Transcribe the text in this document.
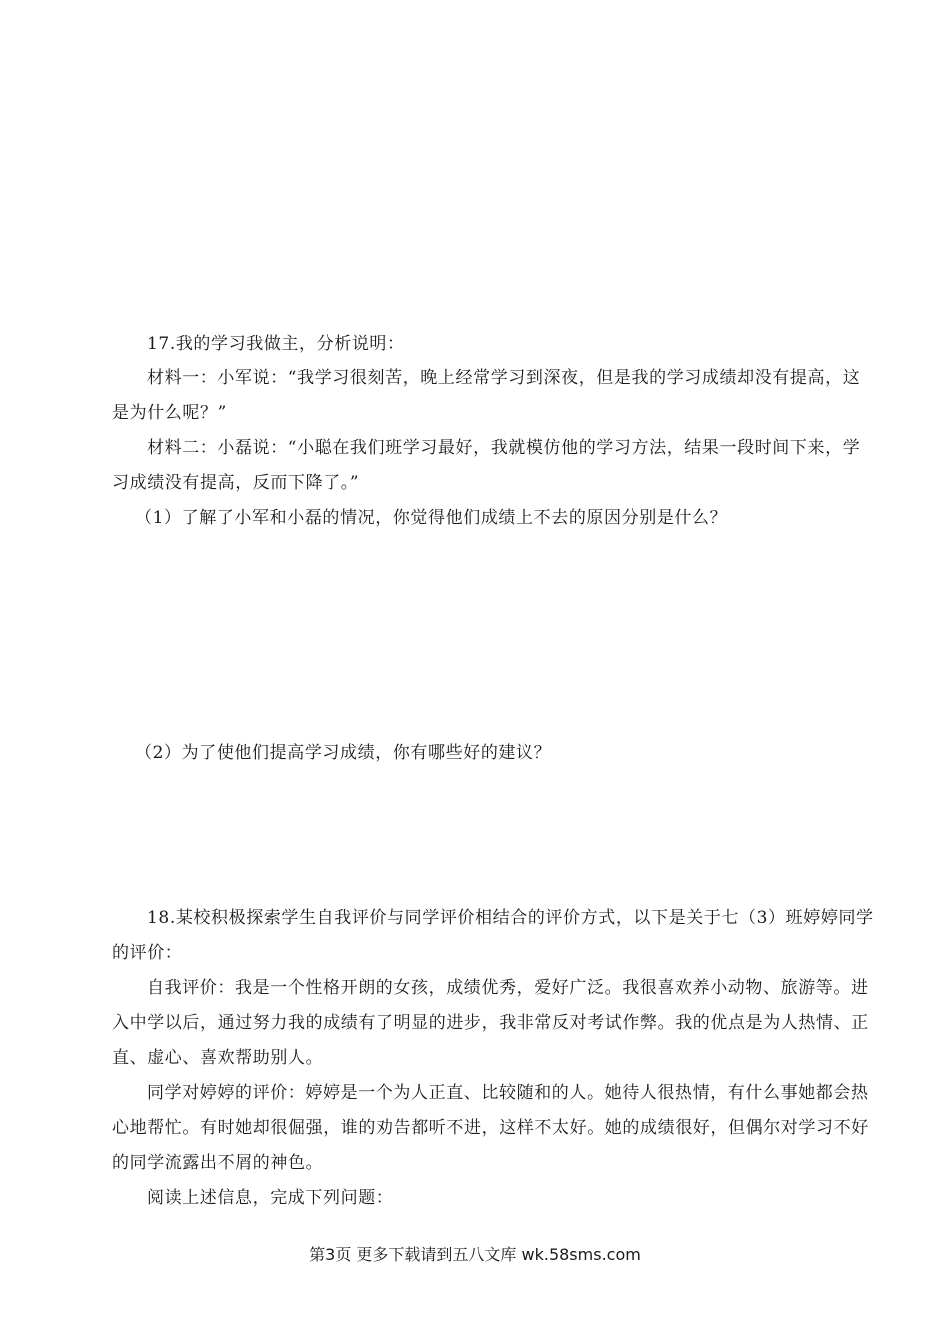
17.我的学习我做主，分析说明：
材料一：小军说：“我学习很刻苦，晚上经常学习到深夜，但是我的学习成绩却没有提高，这
是为什么呢？”
材料二：小磊说：“小聪在我们班学习最好，我就模仿他的学习方法，结果一段时间下来，学
习成绩没有提高，反而下降了。”
（1）了解了小军和小磊的情况，你觉得他们成绩上不去的原因分别是什么？
（2）为了使他们提高学习成绩，你有哪些好的建议？
18.某校积极探索学生自我评价与同学评价相结合的评价方式，以下是关于七（3）班婷婷同学
的评价：
自我评价：我是一个性格开朗的女孩，成绩优秀，爱好广泛。我很喜欢养小动物、旅游等。进
入中学以后，通过努力我的成绩有了明显的进步，我非常反对考试作弊。我的优点是为人热情、正
直、虚心、喜欢帮助别人。
同学对婷婷的评价：婷婷是一个为人正直、比较随和的人。她待人很热情，有什么事她都会热
心地帮忙。有时她却很倔强，谁的劝告都听不进，这样不太好。她的成绩很好，但偶尔对学习不好
的同学流露出不屑的神色。
阅读上述信息，完成下列问题：
第3页 更多下载请到五八文库 wk.58sms.com
